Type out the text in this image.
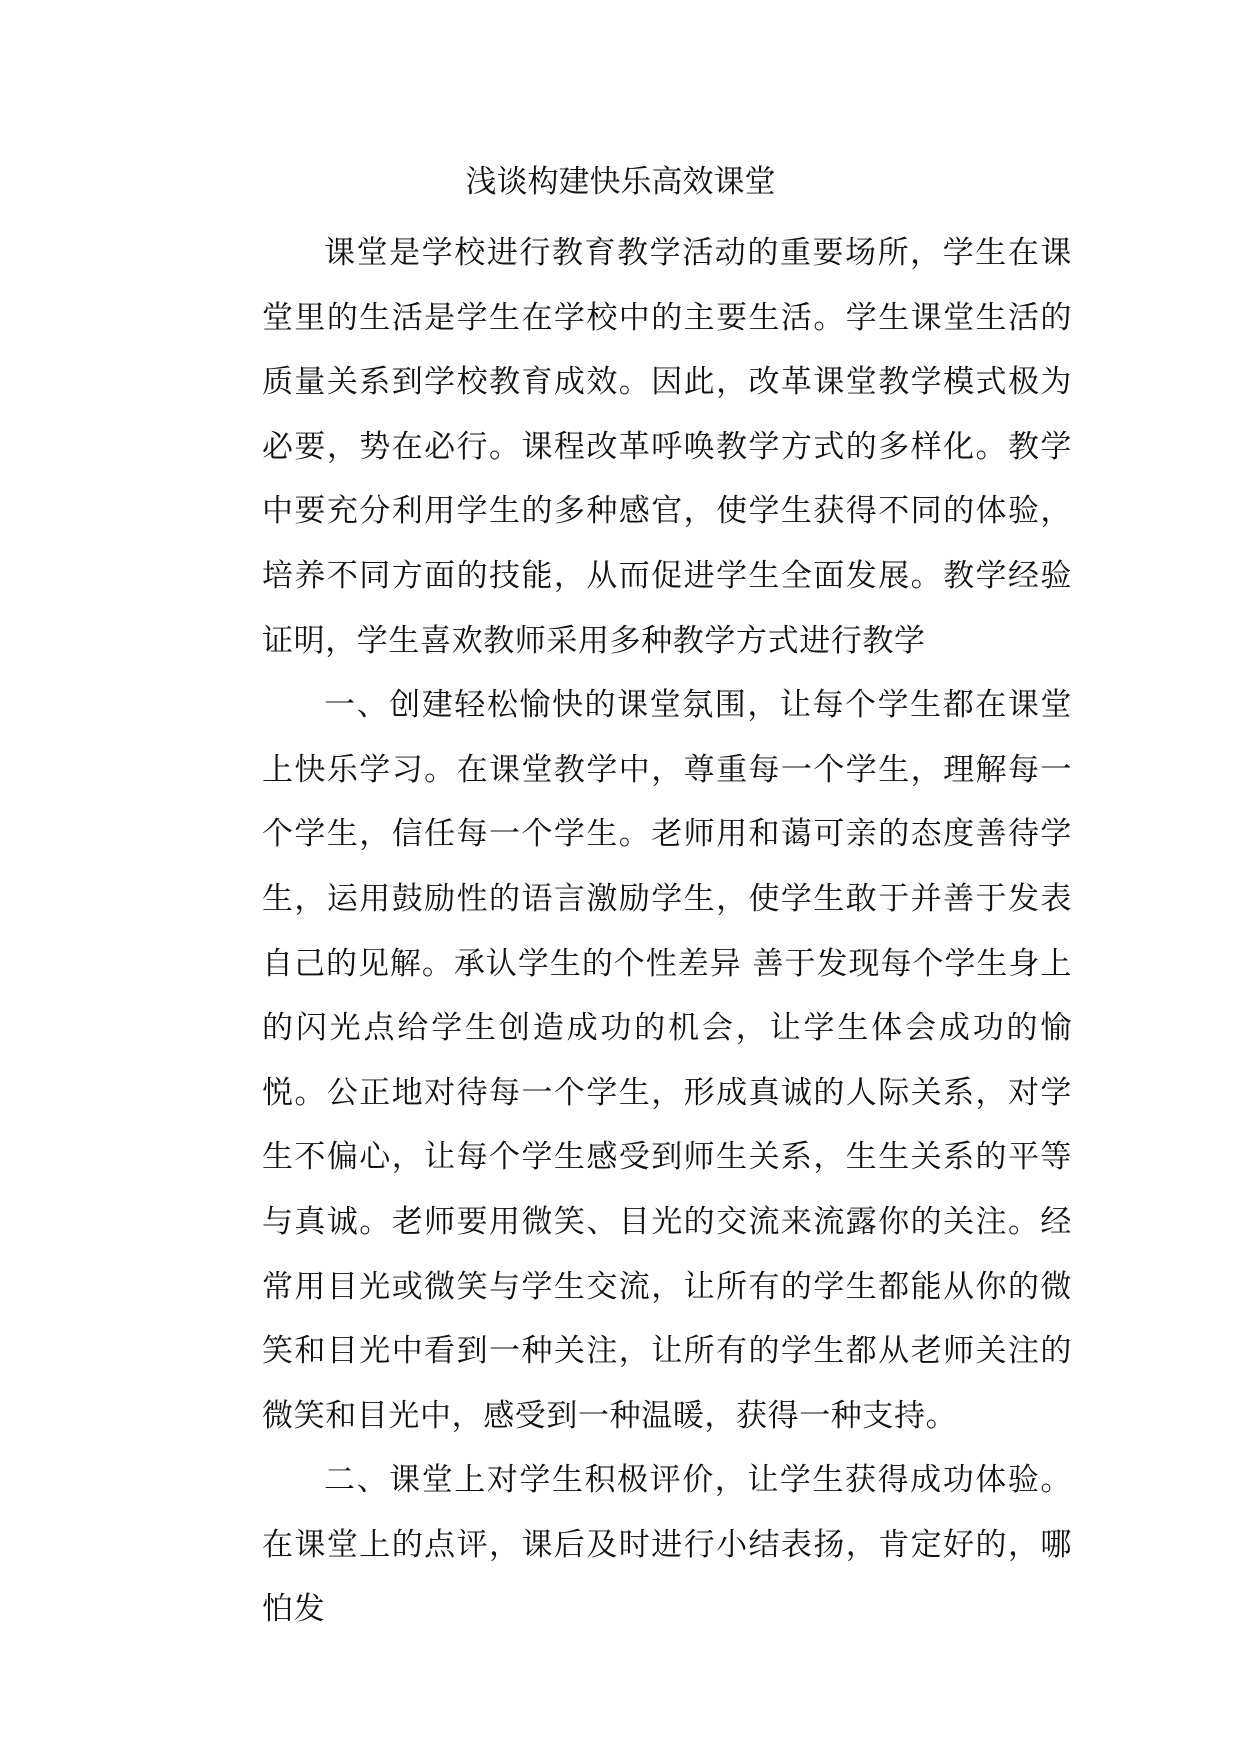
浅谈构建快乐高效课堂

课堂是学校进行教育教学活动的重要场所，学生在课堂里的生活是学生在学校中的主要生活。学生课堂生活的质量关系到学校教育成效。因此，改革课堂教学模式极为必要，势在必行。课程改革呼唤教学方式的多样化。教学中要充分利用学生的多种感官，使学生获得不同的体验，培养不同方面的技能，从而促进学生全面发展。教学经验证明，学生喜欢教师采用多种教学方式进行教学

一、创建轻松愉快的课堂氛围，让每个学生都在课堂上快乐学习。在课堂教学中，尊重每一个学生，理解每一个学生，信任每一个学生。老师用和蔼可亲的态度善待学生，运用鼓励性的语言激励学生，使学生敢于并善于发表自己的见解。承认学生的个性差异 善于发现每个学生身上的闪光点给学生创造成功的机会，让学生体会成功的愉悦。公正地对待每一个学生，形成真诚的人际关系，对学生不偏心，让每个学生感受到师生关系，生生关系的平等与真诚。老师要用微笑、目光的交流来流露你的关注。经常用目光或微笑与学生交流，让所有的学生都能从你的微笑和目光中看到一种关注，让所有的学生都从老师关注的微笑和目光中，感受到一种温暖，获得一种支持。

二、课堂上对学生积极评价，让学生获得成功体验。在课堂上的点评，课后及时进行小结表扬，肯定好的，哪怕发
